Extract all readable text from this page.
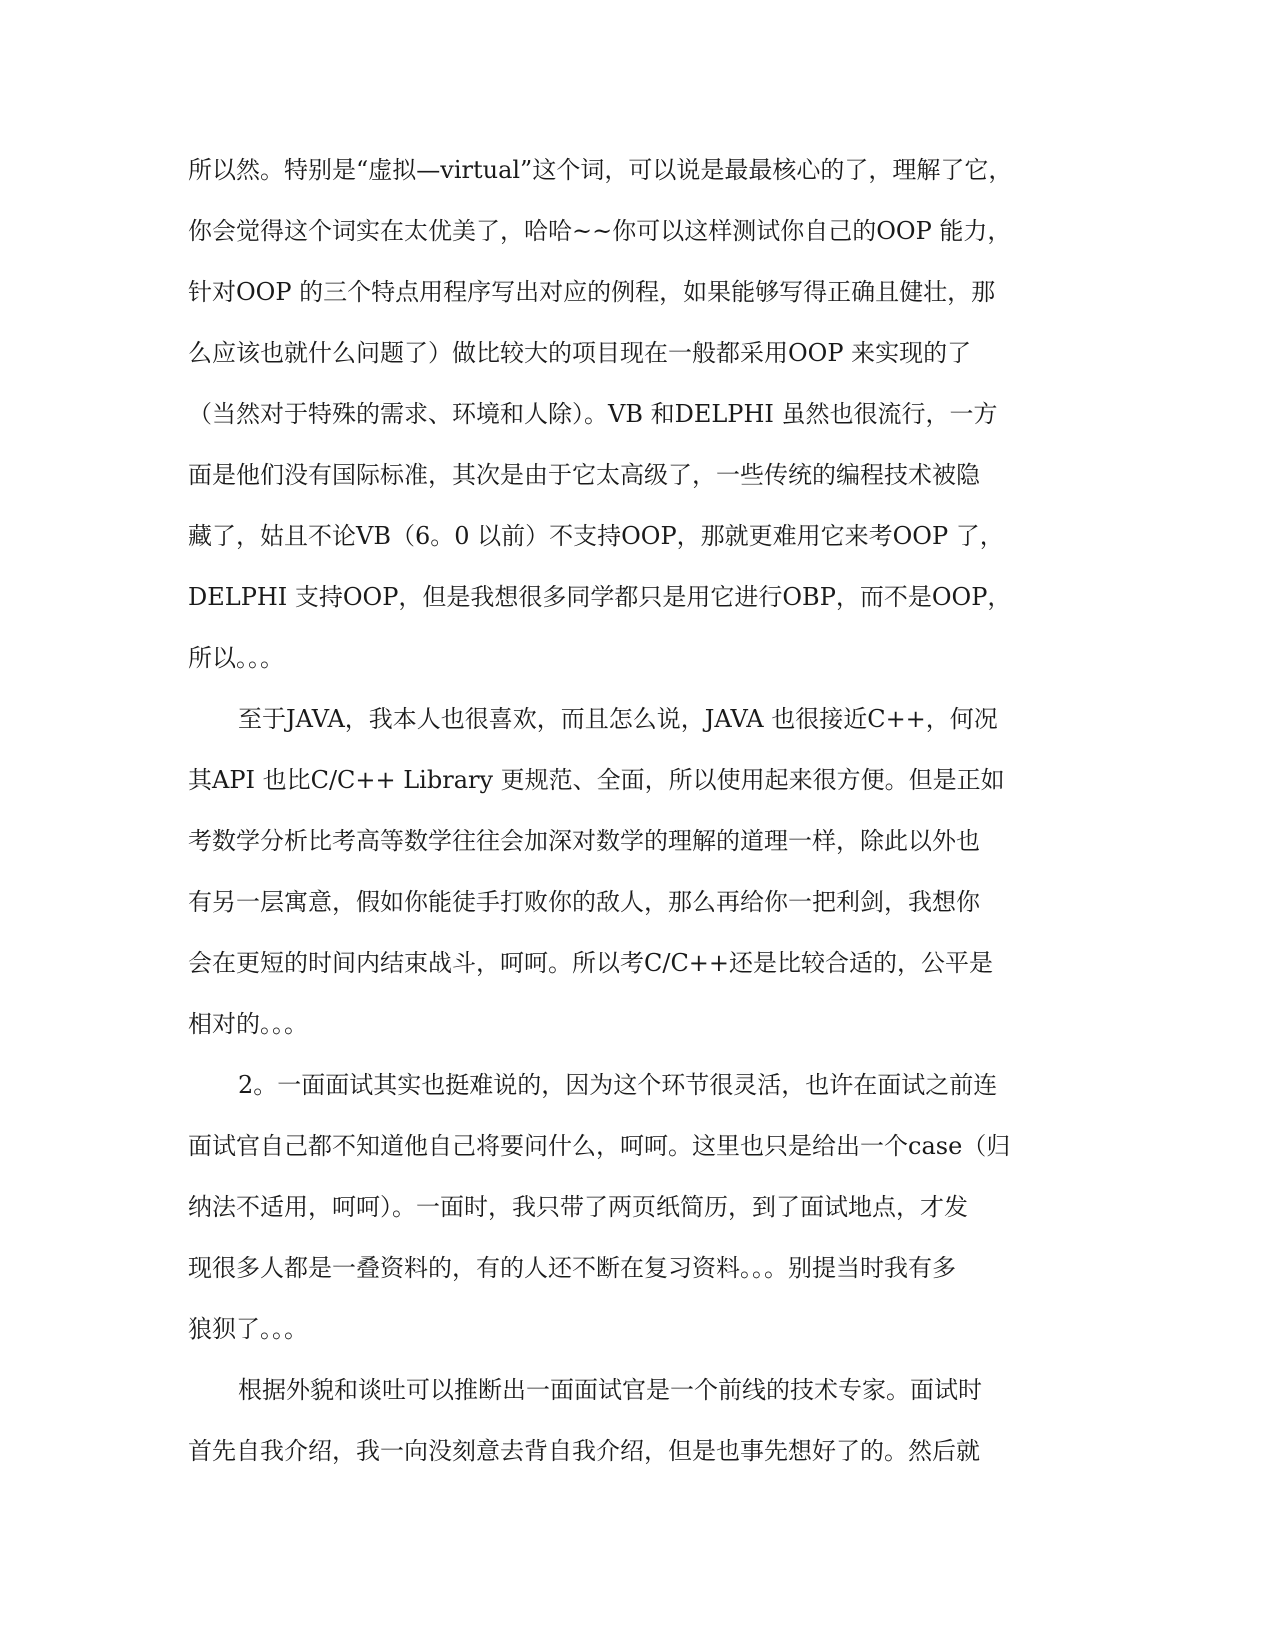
所以然。特别是“虚拟—virtual”这个词，可以说是最最核心的了，理解了它，
你会觉得这个词实在太优美了，哈哈~~你可以这样测试你自己的OOP 能力，
针对OOP 的三个特点用程序写出对应的例程，如果能够写得正确且健壮，那
么应该也就什么问题了）做比较大的项目现在一般都采用OOP 来实现的了
（当然对于特殊的需求、环境和人除）。VB 和DELPHI 虽然也很流行，一方
面是他们没有国际标准，其次是由于它太高级了，一些传统的编程技术被隐
藏了，姑且不论VB（6。0 以前）不支持OOP，那就更难用它来考OOP 了，
DELPHI 支持OOP，但是我想很多同学都只是用它进行OBP，而不是OOP，
所以。。。
至于JAVA，我本人也很喜欢，而且怎么说，JAVA 也很接近C++，何况
其API 也比C/C++ Library 更规范、全面，所以使用起来很方便。但是正如
考数学分析比考高等数学往往会加深对数学的理解的道理一样，除此以外也
有另一层寓意，假如你能徒手打败你的敌人，那么再给你一把利剑，我想你
会在更短的时间内结束战斗，呵呵。所以考C/C++还是比较合适的，公平是
相对的。。。
2。一面面试其实也挺难说的，因为这个环节很灵活，也许在面试之前连
面试官自己都不知道他自己将要问什么，呵呵。这里也只是给出一个case（归
纳法不适用，呵呵）。一面时，我只带了两页纸简历，到了面试地点，才发
现很多人都是一叠资料的，有的人还不断在复习资料。。。别提当时我有多
狼狈了。。。
根据外貌和谈吐可以推断出一面面试官是一个前线的技术专家。面试时
首先自我介绍，我一向没刻意去背自我介绍，但是也事先想好了的。然后就
